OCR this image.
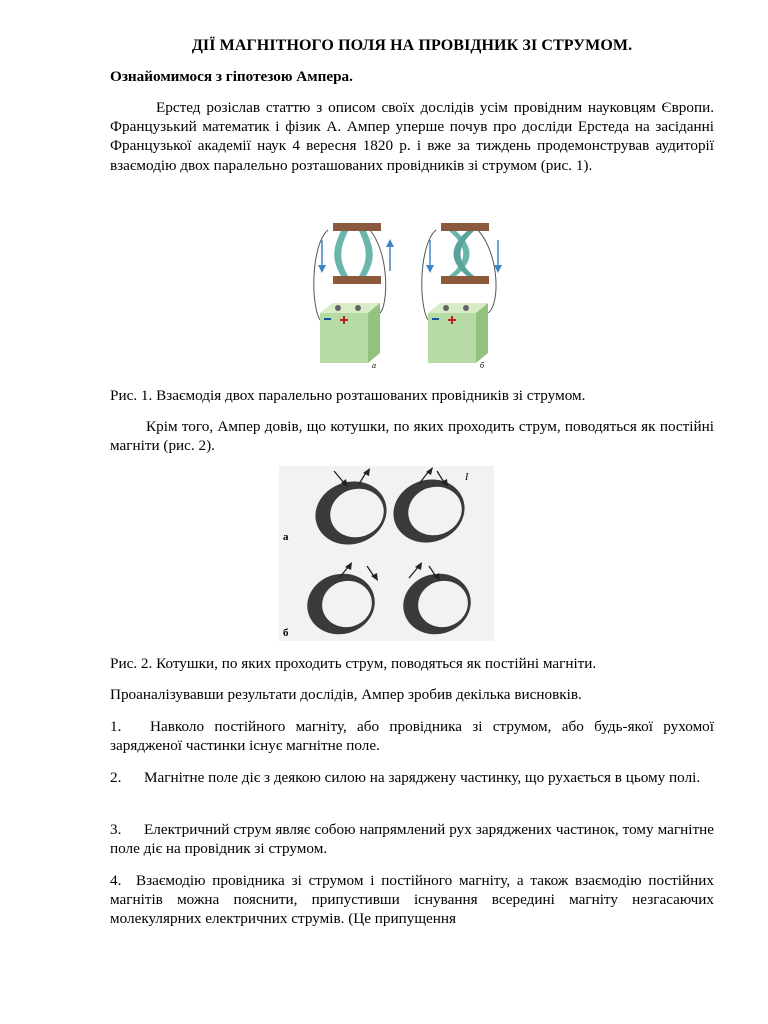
ДІЇ МАГНІТНОГО ПОЛЯ НА ПРОВІДНИК ЗІ СТРУМОМ.

Ознайомимося з гіпотезою Ампера.

Ерстед розіслав статтю з описом своїх дослідів усім провідним науковцям Європи. Французький математик і фізик А. Ампер уперше почув про досліди Ерстеда на засіданні Французької академії наук 4 вересня 1820 р. і вже за тиждень продемонстрував аудиторії взаємодію двох паралельно розташованих провідників зі струмом (рис. 1).

а	б

Рис. 1. Взаємодія двох паралельно розташованих провідників зі струмом.

Крім того, Ампер довів, що котушки, по яких проходить струм, поводяться як постійні магніти (рис. 2).

I
а
б

Рис. 2. Котушки, по яких проходить струм, поводяться як постійні магніти.

Проаналізувавши результати дослідів, Ампер зробив декілька висновків.

1. Навколо постійного магніту, або провідника зі струмом, або будь-якої рухомої зарядженої частинки існує магнітне поле.

2. Магнітне поле діє з деякою силою на заряджену частинку, що рухається в цьому полі.

3. Електричний струм являє собою напрямлений рух заряджених частинок, тому магнітне поле діє на провідник зі струмом.

4. Взаємодію провідника зі струмом і постійного магніту, а також взаємодію постійних магнітів можна пояснити, припустивши існування всередині магніту незгасаючих молекулярних електричних струмів. (Це припущення
